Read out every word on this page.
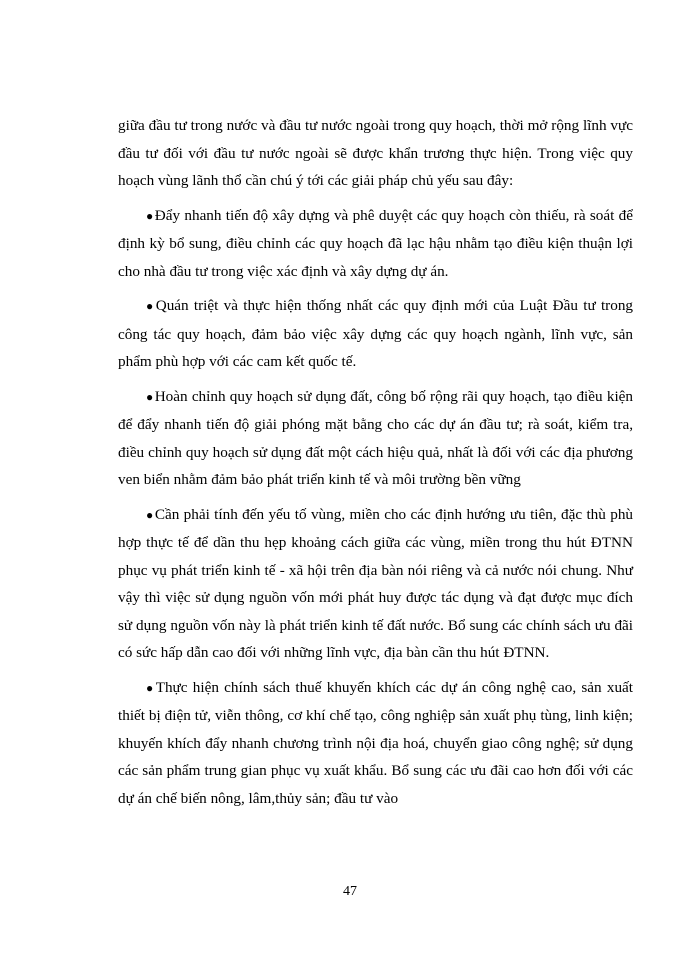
giữa đầu tư trong nước và đầu tư nước ngoài trong quy hoạch, thời mở rộng lĩnh vực đầu tư đối với đầu tư nước ngoài sẽ được khẩn trương thực hiện. Trong việc quy hoạch vùng lãnh thổ cần chú ý tới các giải pháp chủ yếu sau đây:

●Đẩy nhanh tiến độ xây dựng và phê duyệt các quy hoạch còn thiếu, rà soát để định kỳ bổ sung, điều chỉnh các quy hoạch đã lạc hậu nhằm tạo điều kiện thuận lợi cho nhà đầu tư trong việc xác định và xây dựng dự án.

●Quán triệt và thực hiện thống nhất các quy định mới của Luật Đầu tư trong công tác quy hoạch, đảm bảo việc xây dựng các quy hoạch ngành, lĩnh vực, sản phẩm phù hợp với các cam kết quốc tế.

●Hoàn chỉnh quy hoạch sử dụng đất, công bố rộng rãi quy hoạch, tạo điều kiện để đẩy nhanh tiến độ giải phóng mặt bằng cho các dự án đầu tư; rà soát, kiểm tra, điều chỉnh quy hoạch sử dụng đất một cách hiệu quả, nhất là đối với các địa phương ven biển nhằm đảm bảo phát triển kinh tế và môi trường bền vững

●Cần phải tính đến yếu tố vùng, miền cho các định hướng ưu tiên, đặc thù phù hợp thực tế để dần thu hẹp khoảng cách giữa các vùng, miền trong thu hút ĐTNN phục vụ phát triển kinh tế - xã hội trên địa bàn nói riêng và cả nước nói chung. Như vậy thì việc sử dụng nguồn vốn mới phát huy được tác dụng và đạt được mục đích sử dụng nguồn vốn này là phát triển kinh tế đất nước. Bổ sung các chính sách ưu đãi có sức hấp dẫn cao đối với những lĩnh vực, địa bàn cần thu hút ĐTNN.

●Thực hiện chính sách thuế khuyến khích các dự án công nghệ cao, sản xuất thiết bị điện tử, viễn thông, cơ khí chế tạo, công nghiệp sản xuất phụ tùng, linh kiện; khuyến khích đẩy nhanh chương trình nội địa hoá, chuyển giao công nghệ; sử dụng các sản phẩm trung gian phục vụ xuất khẩu. Bổ sung các ưu đãi cao hơn đối với các dự án chế biến nông, lâm,thủy sản; đầu tư vào

47
